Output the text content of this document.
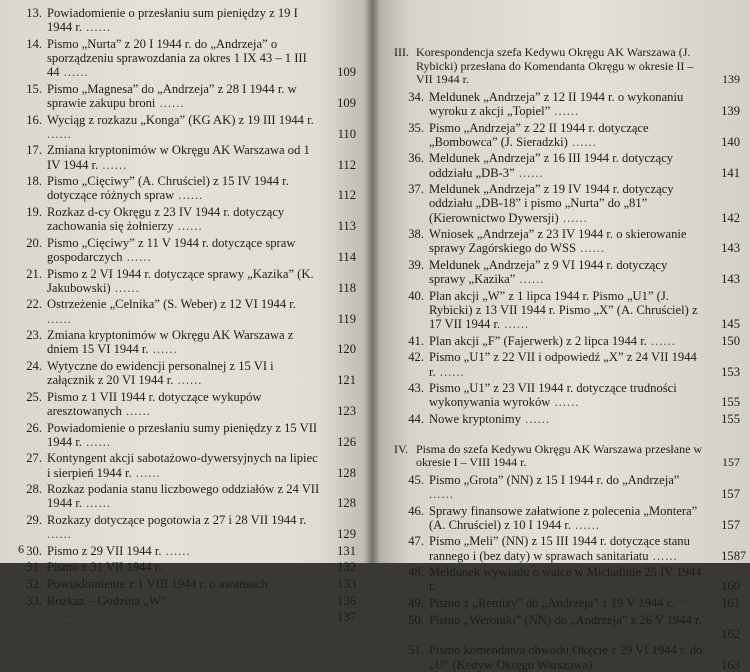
13. Powiadomienie o przesłaniu sum pieniędzy z 19 I 1944 r. ......
14. Pismo „Nurta” z 20 I 1944 r. do „Andrzeja” o sporządzeniu sprawozdania za okres 1 IX 43 – 1 III 44 ......	109
15. Pismo „Magnesa” do „Andrzeja” z 28 I 1944 r. w sprawie zakupu broni ......	109
16. Wyciąg z rozkazu „Konga” (KG AK) z 19 III 1944 r. ......	110
17. Zmiana kryptonimów w Okręgu AK Warszawa od 1 IV 1944 r. ......	112
18. Pismo „Cięciwy” (A. Chruściel) z 15 IV 1944 r. dotyczące różnych spraw ......	112
19. Rozkaz d-cy Okręgu z 23 IV 1944 r. dotyczący zachowania się żołnierzy ......	113
20. Pismo „Cięciwy” z 11 V 1944 r. dotyczące spraw gospodarczych ......	114
21. Pismo z 2 VI 1944 r. dotyczące sprawy „Kazika” (K. Jakubowski) ......	118
22. Ostrzeżenie „Celnika” (S. Weber) z 12 VI 1944 r. ......	119
23. Zmiana kryptonimów w Okręgu AK Warszawa z dniem 15 VI 1944 r. ......	120
24. Wytyczne do ewidencji personalnej z 15 VI i załącznik z 20 VI 1944 r. ......	121
25. Pismo z 1 VII 1944 r. dotyczące wykupów aresztowanych ......	123
26. Powiadomienie o przesłaniu sumy pieniędzy z 15 VII 1944 r. ......	126
27. Kontyngent akcji sabotażowo-dywersyjnych na lipiec i sierpień 1944 r. ......	128
28. Rozkaz podania stanu liczbowego oddziałów z 24 VII 1944 r. ......	128
29. Rozkazy dotyczące pogotowia z 27 i 28 VII 1944 r. ......	129
30. Pismo z 29 VII 1944 r. ......	131
31. Pismo z 31 VII 1944 r. ......	132
32. Powiadomienie z 1 VIII 1944 r. o awansach ......	133
33. Rozkaz – Godzina „W” ......	136
......	137
6
III. Korespondencja szefa Kedywu Okręgu AK Warszawa (J. Rybicki) przesłana do Komendanta Okręgu w okresie II – VII 1944 r.	139
34. Meldunek „Andrzeja” z 12 II 1944 r. o wykonaniu wyroku z akcji „Topiel” ......	139
35. Pismo „Andrzeja” z 22 II 1944 r. dotyczące „Bombowca” (J. Sieradzki) ......	140
36. Meldunek „Andrzeja” z 16 III 1944 r. dotyczący oddziału „DB-3” ......	141
37. Meldunek „Andrzeja” z 19 IV 1944 r. dotyczący oddziału „DB-18” i pismo „Nurta” do „81” (Kierownictwo Dywersji) ......	142
38. Wniosek „Andrzeja” z 23 IV 1944 r. o skierowanie sprawy Zagórskiego do WSS ......	143
39. Meldunek „Andrzeja” z 9 VI 1944 r. dotyczący sprawy „Kazika” ......	143
40. Plan akcji „W” z 1 lipca 1944 r. Pismo „U1” (J. Rybicki) z 13 VII 1944 r. Pismo „X” (A. Chruściel) z 17 VII 1944 r. ......	145
41. Plan akcji „F” (Fajerwerk) z 2 lipca 1944 r. ......	150
42. Pismo „U1” z 22 VII i odpowiedź „X” z 24 VII 1944 r. ......	153
43. Pismo „U1” z 23 VII 1944 r. dotyczące trudności wykonywania wyroków ......	155
44. Nowe kryptonimy ......	155
IV. Pisma do szefa Kedywu Okręgu AK Warszawa przesłane w okresie I – VIII 1944 r.	157
45. Pismo „Grota” (NN) z 15 I 1944 r. do „Andrzeja” ......	157
46. Sprawy finansowe załatwione z polecenia „Montera” (A. Chruściel) z 10 I 1944 r. ......	157
47. Pismo „Meli” (NN) z 15 III 1944 r. dotyczące stanu rannego i (bez daty) w sprawach sanitariatu ......	158
48. Meldunek wywiadu o walce w Michalinie 25 IV 1944 r. ......	160
49. Pismo z „Remizy” do „Andrzeja” z 19 V 1944 r. ...... 161
50. Pismo „Weroniki” (NN) do „Andrzeja” z 26 V 1944 r. ......	162
51. Pismo komendanta obwodu Okęcie z 29 VI 1944 r. do „U” (Kedyw Okręgu Warszawa) ......	163
7
